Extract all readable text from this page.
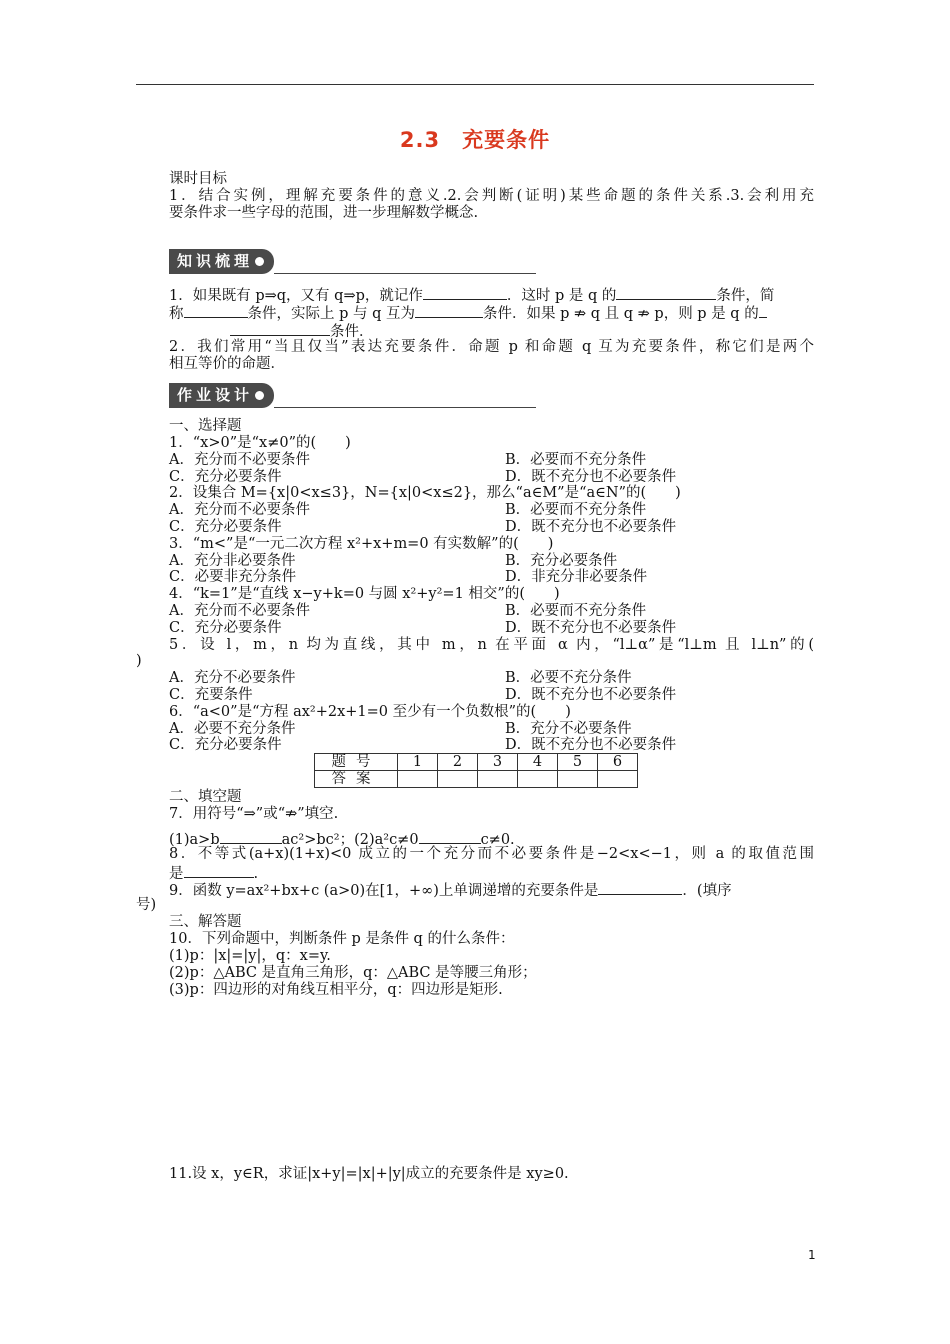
2.3 充要条件
课时目标
1．结合实例，理解充要条件的意义.2.会判断(证明)某些命题的条件关系.3.会利用充
要条件求一些字母的范围，进一步理解数学概念.
知识梳理
1．如果既有 p⇒q，又有 q⇒p，就记作	．这时 p 是 q 的	条件，简
称	条件，实际上 p 与 q 互为	条件．如果 p ⇏ q 且 q ⇏ p，则 p 是 q 的
条件．
2．我们常用“当且仅当”表达充要条件．命题 p 和命题 q 互为充要条件，称它们是两个
相互等价的命题．
作业设计
一、选择题
1．“x>0”是“x≠0”的(　　)
A．充分而不必要条件	B．必要而不充分条件
C．充分必要条件	D．既不充分也不必要条件
2．设集合 M={x|0<x≤3}，N={x|0<x≤2}，那么“a∈M”是“a∈N”的(　　)
A．充分而不必要条件	B．必要而不充分条件
C．充分必要条件	D．既不充分也不必要条件
3．“m<”是“一元二次方程 x²+x+m=0 有实数解”的(　　)
A．充分非必要条件	B．充分必要条件
C．必要非充分条件	D．非充分非必要条件
4．“k=1”是“直线 x−y+k=0 与圆 x²+y²=1 相交”的(　　)
A．充分而不必要条件	B．必要而不充分条件
C．充分必要条件	D．既不充分也不必要条件
5．设 l，m，n 均为直线，其中 m，n 在平面 α 内，“l⊥α”是“l⊥m 且 l⊥n”的(
)
A．充分不必要条件	B．必要不充分条件
C．充要条件	D．既不充分也不必要条件
6．“a<0”是“方程 ax²+2x+1=0 至少有一个负数根”的(　　)
A．必要不充分条件	B．充分不必要条件
C．充分必要条件	D．既不充分也不必要条件
题号	1	2	3	4	5	6
答案						
二、填空题
7．用符号“⇒”或“⇏”填空.
(1)a>b	ac²>bc²；(2)a²c≠0	c≠0.
8．不等式(a+x)(1+x)<0 成立的一个充分而不必要条件是−2<x<−1，则 a 的取值范围
是	.
9．函数 y=ax²+bx+c (a>0)在[1，+∞)上单调递增的充要条件是	．(填序
号)
三、解答题
10．下列命题中，判断条件 p 是条件 q 的什么条件：
(1)p：|x|=|y|，q：x=y.
(2)p：△ABC 是直角三角形，q：△ABC 是等腰三角形；
(3)p：四边形的对角线互相平分，q：四边形是矩形.
11.设 x，y∈R，求证|x+y|=|x|+|y|成立的充要条件是 xy≥0.
1
